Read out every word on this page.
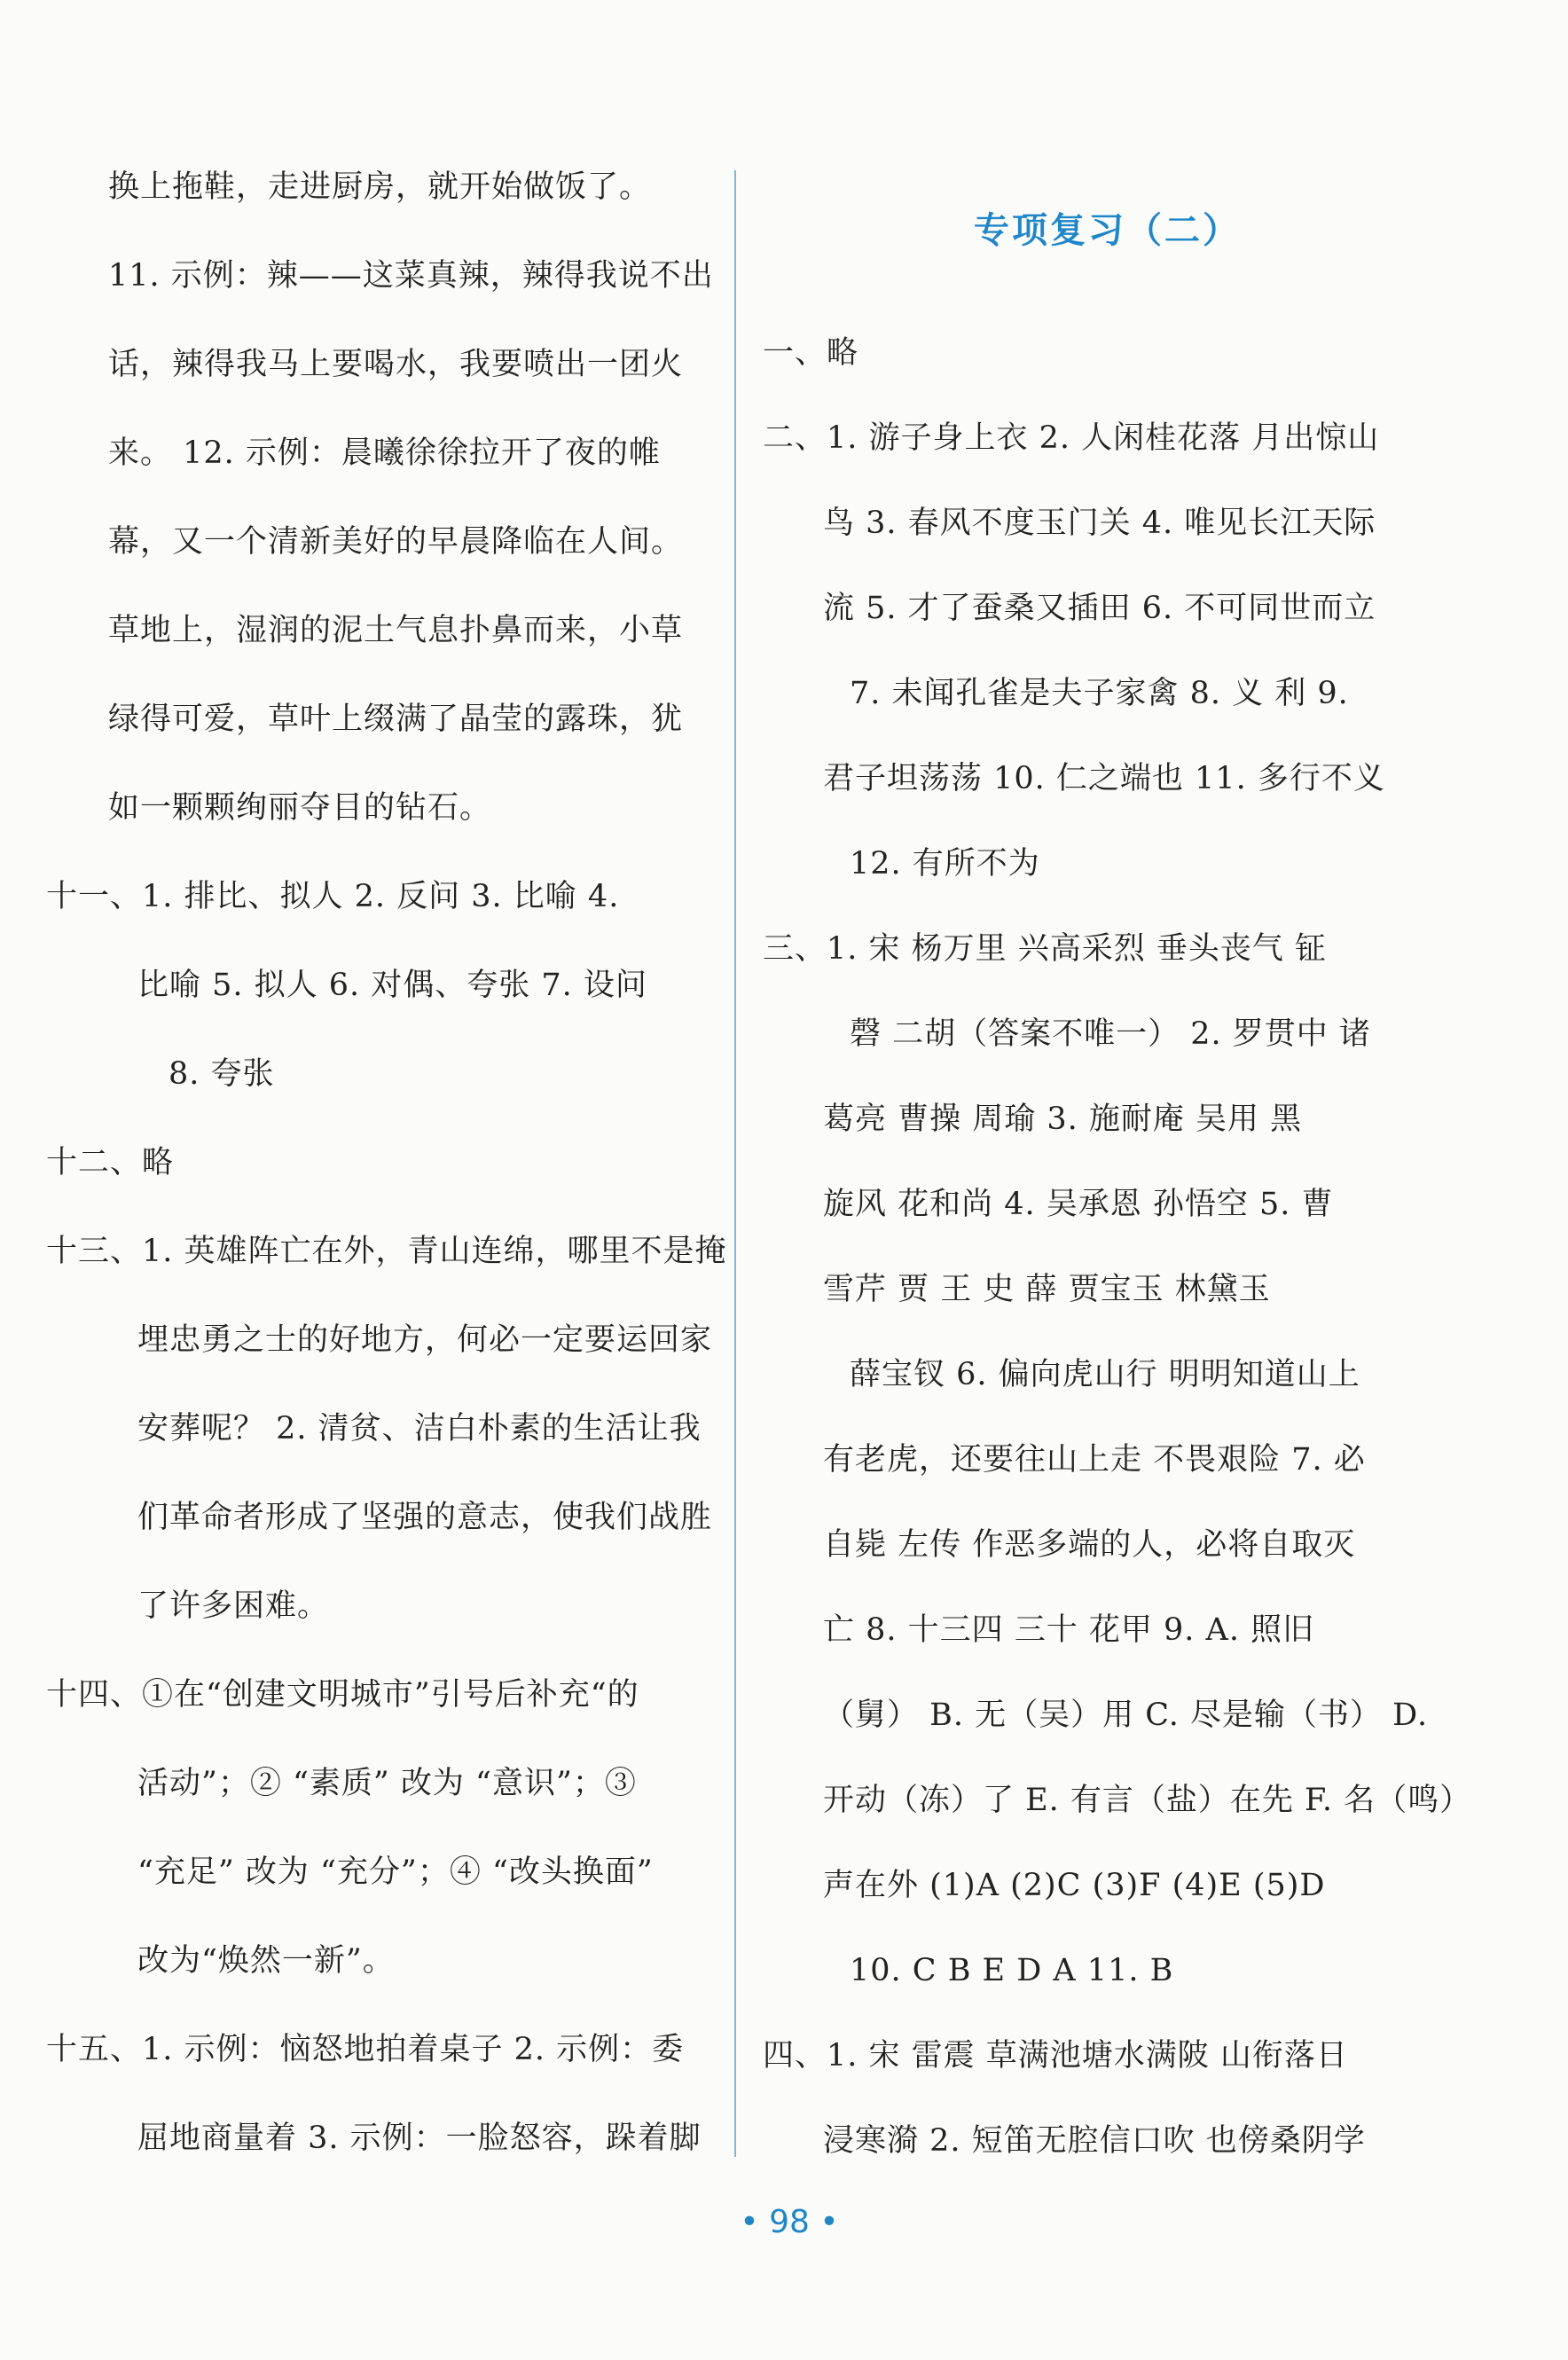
换上拖鞋，走进厨房，就开始做饭了。
11. 示例：辣——这菜真辣，辣得我说不出
话，辣得我马上要喝水，我要喷出一团火
来。 12. 示例：晨曦徐徐拉开了夜的帷
幕，又一个清新美好的早晨降临在人间。
草地上，湿润的泥土气息扑鼻而来，小草
绿得可爱，草叶上缀满了晶莹的露珠，犹
如一颗颗绚丽夺目的钻石。
十一、1. 排比、拟人 2. 反问 3. 比喻 4.
比喻 5. 拟人 6. 对偶、夸张 7. 设问
8. 夸张
十二、略
十三、1. 英雄阵亡在外，青山连绵，哪里不是掩
埋忠勇之士的好地方，何必一定要运回家
安葬呢？ 2. 清贫、洁白朴素的生活让我
们革命者形成了坚强的意志，使我们战胜
了许多困难。
十四、①在“创建文明城市”引号后补充“的
活动”；② “素质” 改为 “意识”；③
“充足” 改为 “充分”；④ “改头换面”
改为“焕然一新”。
十五、1. 示例：恼怒地拍着桌子 2. 示例：委
屈地商量着 3. 示例：一脸怒容，跺着脚
专项复习（二）
一、略
二、1. 游子身上衣 2. 人闲桂花落 月出惊山
鸟 3. 春风不度玉门关 4. 唯见长江天际
流 5. 才了蚕桑又插田 6. 不可同世而立
7. 未闻孔雀是夫子家禽 8. 义 利 9.
君子坦荡荡 10. 仁之端也 11. 多行不义
12. 有所不为
三、1. 宋 杨万里 兴高采烈 垂头丧气 钲
磬 二胡（答案不唯一） 2. 罗贯中 诸
葛亮 曹操 周瑜 3. 施耐庵 吴用 黑
旋风 花和尚 4. 吴承恩 孙悟空 5. 曹
雪芹 贾 王 史 薛 贾宝玉 林黛玉
薛宝钗 6. 偏向虎山行 明明知道山上
有老虎，还要往山上走 不畏艰险 7. 必
自毙 左传 作恶多端的人，必将自取灭
亡 8. 十三四 三十 花甲 9. A. 照旧
（舅） B. 无（吴）用 C. 尽是输（书） D.
开动（冻）了 E. 有言（盐）在先 F. 名（鸣）
声在外 (1)A (2)C (3)F (4)E (5)D
10. C B E D A 11. B
四、1. 宋 雷震 草满池塘水满陂 山衔落日
浸寒漪 2. 短笛无腔信口吹 也傍桑阴学
• 98 •
